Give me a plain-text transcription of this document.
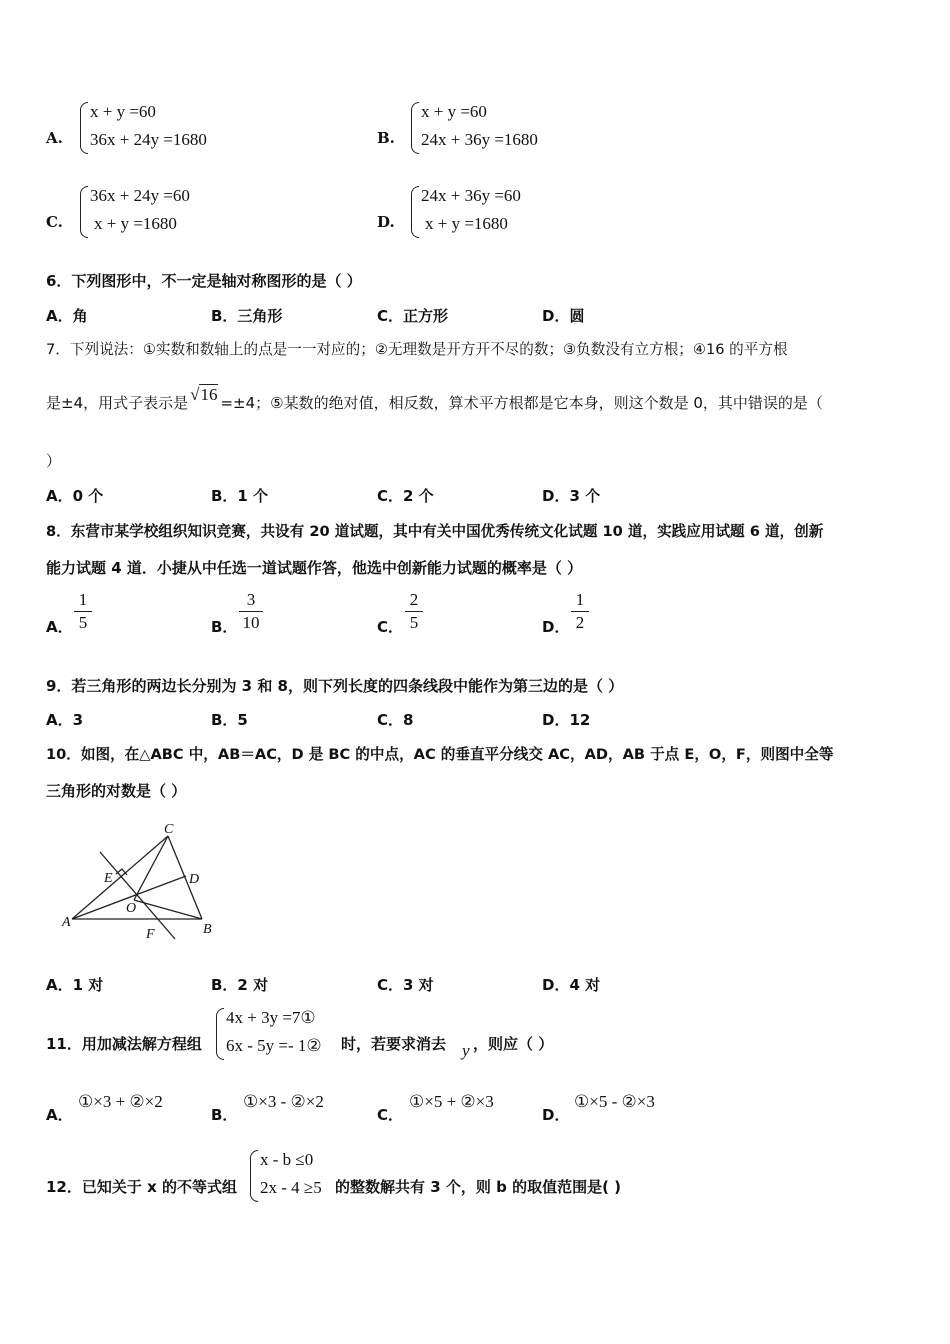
A.
x + y =60
36x + 24y =1680	B.
x + y =60
24x + 36y =1680
C.
36x + 24y =60
x + y =1680	D.
24x + 36y =60
x + y =1680
6．下列图形中，不一定是轴对称图形的是（ ）
A．角	B．三角形	C．正方形	D．圆
7．下列说法：①实数和数轴上的点是一一对应的；②无理数是开方开不尽的数；③负数没有立方根；④16 的平方根
是±4，用式子表示是 √16 =±4；⑤某数的绝对值，相反数，算术平方根都是它本身，则这个数是 0，其中错误的是（
）
A．0 个	B．1 个	C．2 个	D．3 个
8．东营市某学校组织知识竞赛，共设有 20 道试题，其中有关中国优秀传统文化试题 10 道，实践应用试题 6 道，创新
能力试题 4 道．小捷从中任选一道试题作答，他选中创新能力试题的概率是（ ）
A．
1
5	B．
3
10	C．
2
5	D．
1
2
9．若三角形的两边长分别为 3 和 8，则下列长度的四条线段中能作为第三边的是（ ）
A．3	B．5	C．8	D．12
10．如图，在△ABC 中，AB＝AC，D 是 BC 的中点，AC 的垂直平分线交 AC，AD，AB 于点 E，O，F，则图中全等
三角形的对数是（ ）
A	B
C
D
E
O
F
A．1 对	B．2 对	C．3 对	D．4 对
11．用加减法解方程组
4x + 3y =7①
6x - 5y =- 1② 时，若要求消去 y ，则应（ ）
A．
①×3 + ②×2
B．
①×3 - ②×2
C．
①×5 + ②×3
D．
①×5 - ②×3
12．已知关于 x 的不等式组
x - b ≤0
2x - 4 ≥5 的整数解共有 3 个，则 b 的取值范围是( )
